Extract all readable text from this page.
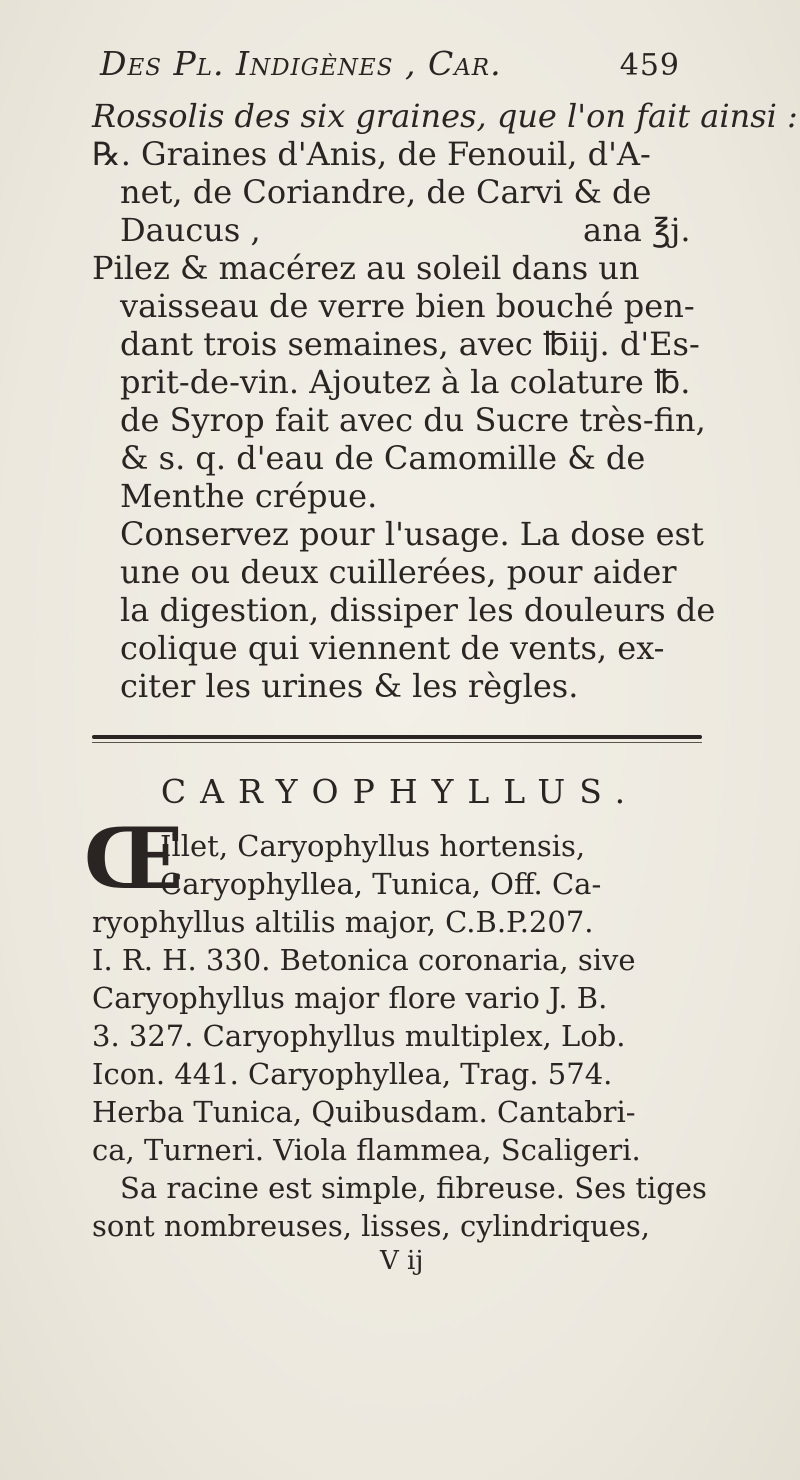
Des Pl. Indigènes , Car.	459
Rossolis des six graines, que l'on fait ainsi :
℞. Graines d'Anis, de Fenouil, d'A-
net, de Coriandre, de Carvi & de
Daucus ,	ana ℥j.
Pilez & macérez au soleil dans un
vaisseau de verre bien bouché pen-
dant trois semaines, avec ℔iij. d'Es-
prit-de-vin. Ajoutez à la colature ℔.
de Syrop fait avec du Sucre très-fin,
& s. q. d'eau de Camomille & de
Menthe crépue.
Conservez pour l'usage. La dose est
une ou deux cuillerées, pour aider
la digestion, dissiper les douleurs de
colique qui viennent de vents, ex-
citer les urines & les règles.
CARYOPHYLLUS.
Œ
Illet, Caryophyllus hortensis,
Caryophyllea, Tunica, Off. Ca-
ryophyllus altilis major, C.B.P.207.
I. R. H. 330. Betonica coronaria, sive
Caryophyllus major flore vario J. B.
3. 327. Caryophyllus multiplex, Lob.
Icon. 441. Caryophyllea, Trag. 574.
Herba Tunica, Quibusdam. Cantabri-
ca, Turneri. Viola flammea, Scaligeri.
Sa racine est simple, fibreuse. Ses tiges
sont nombreuses, lisses, cylindriques,
V ij
